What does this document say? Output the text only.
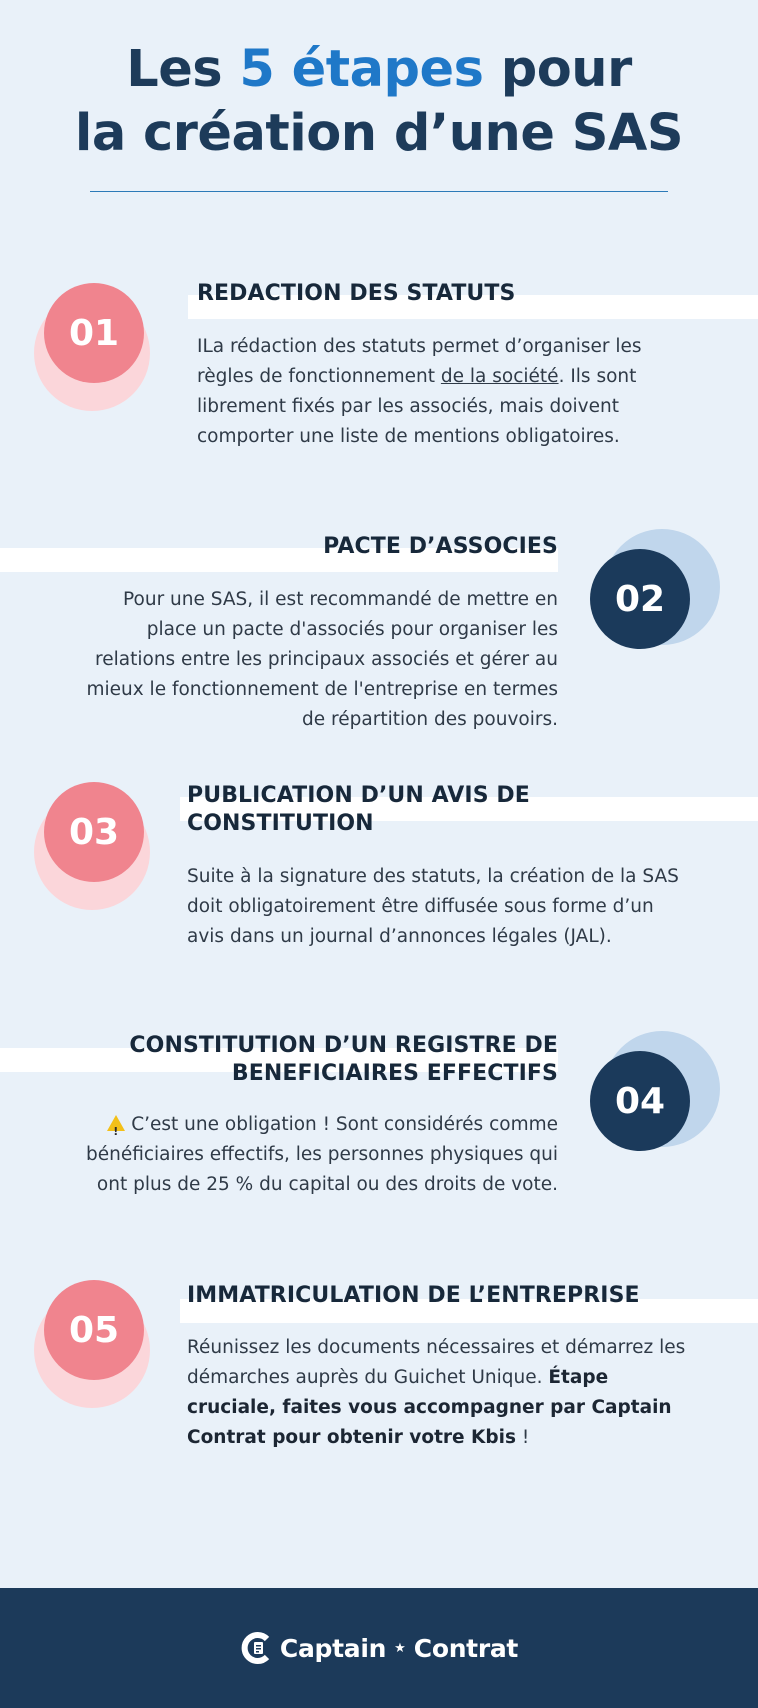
Les 5 étapes pour
la création d’une SAS
01
REDACTION DES STATUTS

ILa rédaction des statuts permet d’organiser les règles de fonctionnement de la société. Ils sont librement fixés par les associés, mais doivent comporter une liste de mentions obligatoires.

02
PACTE D’ASSOCIES

Pour une SAS, il est recommandé de mettre en place un pacte d'associés pour organiser les relations entre les principaux associés et gérer au mieux le fonctionnement de l'entreprise en termes de répartition des pouvoirs.

03
PUBLICATION D’UN AVIS DE
CONSTITUTION

Suite à la signature des statuts, la création de la SAS doit obligatoirement être diffusée sous forme d’un avis dans un journal d’annonces légales (JAL).

04
CONSTITUTION D’UN REGISTRE DE
BENEFICIAIRES EFFECTIFS

!C’est une obligation ! Sont considérés comme bénéficiaires effectifs, les personnes physiques qui ont plus de 25 % du capital ou des droits de vote.

05
IMMATRICULATION DE L’ENTREPRISE

Réunissez les documents nécessaires et démarrez les démarches auprès du Guichet Unique. Étape cruciale, faites vous accompagner par Captain Contrat pour obtenir votre Kbis !

Captain ★ Contrat
